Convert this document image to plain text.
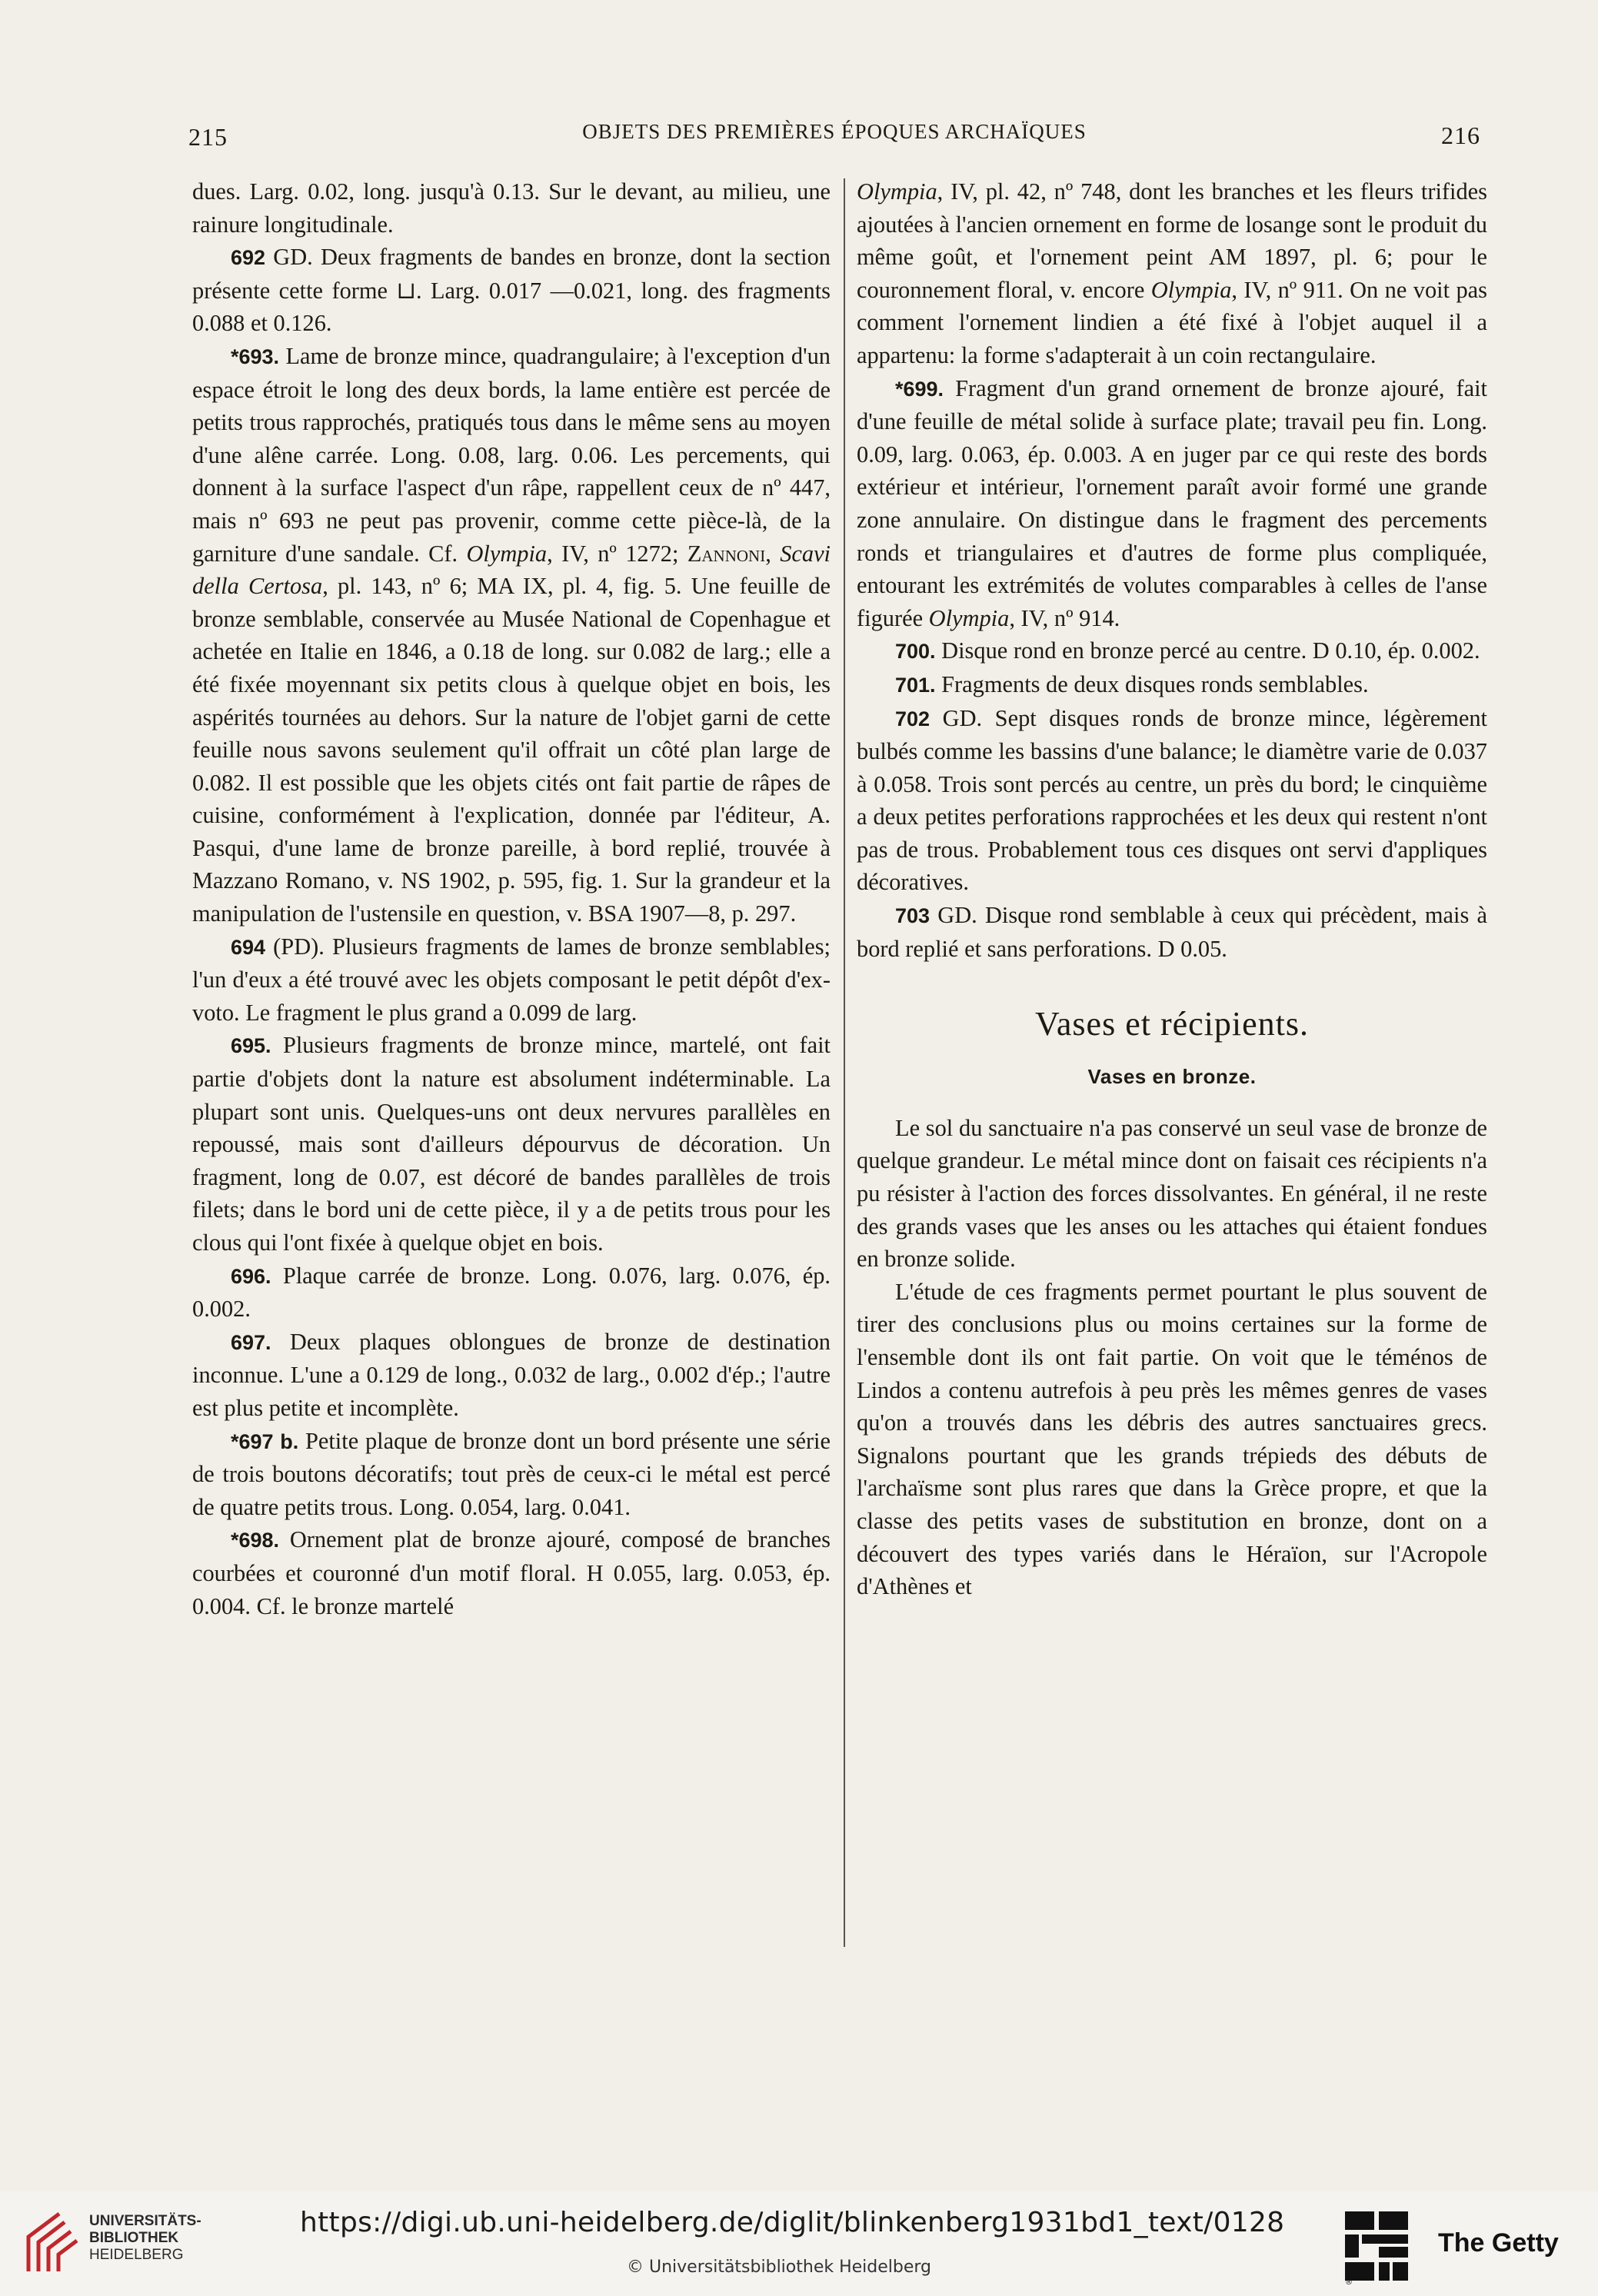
215	OBJETS DES PREMIÈRES ÉPOQUES ARCHAÏQUES	216

dues. Larg. 0.02, long. jusqu'à 0.13. Sur le devant, au milieu, une rainure longitudinale.

692 GD. Deux fragments de bandes en bronze, dont la section présente cette forme ⊔. Larg. 0.017 —0.021, long. des fragments 0.088 et 0.126.

*693. Lame de bronze mince, quadrangulaire; à l'exception d'un espace étroit le long des deux bords, la lame entière est percée de petits trous rapprochés, pratiqués tous dans le même sens au moyen d'une alêne carrée. Long. 0.08, larg. 0.06. Les percements, qui donnent à la surface l'aspect d'un râpe, rappellent ceux de nº 447, mais nº 693 ne peut pas provenir, comme cette pièce-là, de la garniture d'une sandale. Cf. Olympia, IV, nº 1272; Zannoni, Scavi della Certosa, pl. 143, nº 6; MA IX, pl. 4, fig. 5. Une feuille de bronze semblable, conservée au Musée National de Copenhague et achetée en Italie en 1846, a 0.18 de long. sur 0.082 de larg.; elle a été fixée moyennant six petits clous à quelque objet en bois, les aspérités tournées au dehors. Sur la nature de l'objet garni de cette feuille nous savons seulement qu'il offrait un côté plan large de 0.082. Il est possible que les objets cités ont fait partie de râpes de cuisine, conformément à l'explication, donnée par l'éditeur, A. Pasqui, d'une lame de bronze pareille, à bord replié, trouvée à Mazzano Romano, v. NS 1902, p. 595, fig. 1. Sur la grandeur et la manipulation de l'ustensile en question, v. BSA 1907—8, p. 297.

694 (PD). Plusieurs fragments de lames de bronze semblables; l'un d'eux a été trouvé avec les objets composant le petit dépôt d'ex-voto. Le fragment le plus grand a 0.099 de larg.

695. Plusieurs fragments de bronze mince, martelé, ont fait partie d'objets dont la nature est absolument indéterminable. La plupart sont unis. Quelques-uns ont deux nervures parallèles en repoussé, mais sont d'ailleurs dépourvus de décoration. Un fragment, long de 0.07, est décoré de bandes parallèles de trois filets; dans le bord uni de cette pièce, il y a de petits trous pour les clous qui l'ont fixée à quelque objet en bois.

696. Plaque carrée de bronze. Long. 0.076, larg. 0.076, ép. 0.002.

697. Deux plaques oblongues de bronze de destination inconnue. L'une a 0.129 de long., 0.032 de larg., 0.002 d'ép.; l'autre est plus petite et incomplète.

*697 b. Petite plaque de bronze dont un bord présente une série de trois boutons décoratifs; tout près de ceux-ci le métal est percé de quatre petits trous. Long. 0.054, larg. 0.041.

*698. Ornement plat de bronze ajouré, composé de branches courbées et couronné d'un motif floral. H 0.055, larg. 0.053, ép. 0.004. Cf. le bronze martelé

Olympia, IV, pl. 42, nº 748, dont les branches et les fleurs trifides ajoutées à l'ancien ornement en forme de losange sont le produit du même goût, et l'ornement peint AM 1897, pl. 6; pour le couronnement floral, v. encore Olympia, IV, nº 911. On ne voit pas comment l'ornement lindien a été fixé à l'objet auquel il a appartenu: la forme s'adapterait à un coin rectangulaire.

*699. Fragment d'un grand ornement de bronze ajouré, fait d'une feuille de métal solide à surface plate; travail peu fin. Long. 0.09, larg. 0.063, ép. 0.003. A en juger par ce qui reste des bords extérieur et intérieur, l'ornement paraît avoir formé une grande zone annulaire. On distingue dans le fragment des percements ronds et triangulaires et d'autres de forme plus compliquée, entourant les extrémités de volutes comparables à celles de l'anse figurée Olympia, IV, nº 914.

700. Disque rond en bronze percé au centre. D 0.10, ép. 0.002.

701. Fragments de deux disques ronds semblables.

702 GD. Sept disques ronds de bronze mince, légèrement bulbés comme les bassins d'une balance; le diamètre varie de 0.037 à 0.058. Trois sont percés au centre, un près du bord; le cinquième a deux petites perforations rapprochées et les deux qui restent n'ont pas de trous. Probablement tous ces disques ont servi d'appliques décoratives.

703 GD. Disque rond semblable à ceux qui précèdent, mais à bord replié et sans perforations. D 0.05.

Vases et récipients.
Vases en bronze.

Le sol du sanctuaire n'a pas conservé un seul vase de bronze de quelque grandeur. Le métal mince dont on faisait ces récipients n'a pu résister à l'action des forces dissolvantes. En général, il ne reste des grands vases que les anses ou les attaches qui étaient fondues en bronze solide.

L'étude de ces fragments permet pourtant le plus souvent de tirer des conclusions plus ou moins certaines sur la forme de l'ensemble dont ils ont fait partie. On voit que le téménos de Lindos a contenu autrefois à peu près les mêmes genres de vases qu'on a trouvés dans les débris des autres sanctuaires grecs. Signalons pourtant que les grands trépieds des débuts de l'archaïsme sont plus rares que dans la Grèce propre, et que la classe des petits vases de substitution en bronze, dont on a découvert des types variés dans le Héraïon, sur l'Acropole d'Athènes et

UNIVERSITÄTS-
BIBLIOTHEK
HEIDELBERG
https://digi.ub.uni-heidelberg.de/diglit/blinkenberg1931bd1_text/0128
© Universitätsbibliothek Heidelberg
®
The Getty
